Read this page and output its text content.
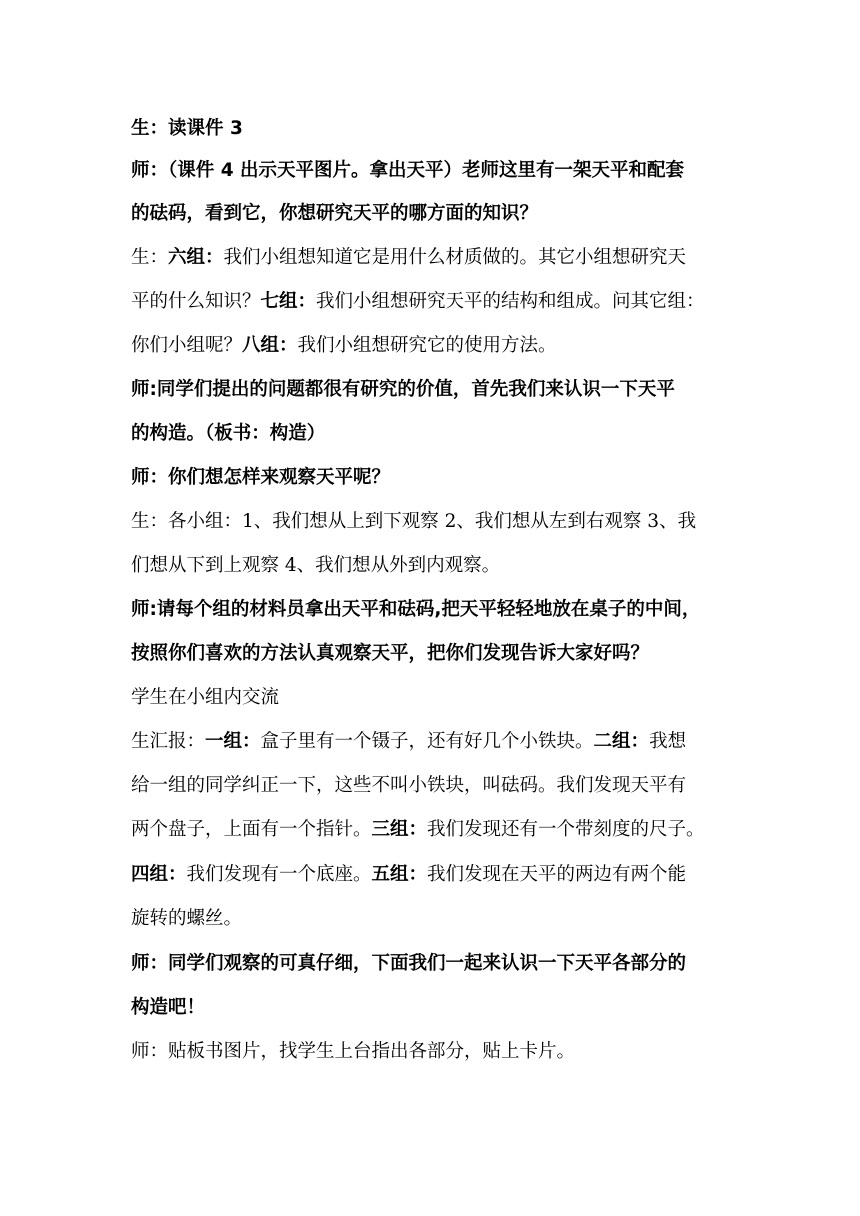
生：读课件 3
师：（课件 4 出示天平图片。拿出天平）老师这里有一架天平和配套
的砝码，看到它，你想研究天平的哪方面的知识？
生：六组：我们小组想知道它是用什么材质做的。其它小组想研究天
平的什么知识？七组：我们小组想研究天平的结构和组成。问其它组：
你们小组呢？八组：我们小组想研究它的使用方法。
师:同学们提出的问题都很有研究的价值，首先我们来认识一下天平
的构造。（板书：构造）
师：你们想怎样来观察天平呢？
生：各小组：1、我们想从上到下观察 2、我们想从左到右观察 3、我
们想从下到上观察 4、我们想从外到内观察。
师:请每个组的材料员拿出天平和砝码,把天平轻轻地放在桌子的中间，
按照你们喜欢的方法认真观察天平，把你们发现告诉大家好吗？
学生在小组内交流
生汇报：一组：盒子里有一个镊子，还有好几个小铁块。二组：我想
给一组的同学纠正一下，这些不叫小铁块，叫砝码。我们发现天平有
两个盘子，上面有一个指针。三组：我们发现还有一个带刻度的尺子。
四组：我们发现有一个底座。五组：我们发现在天平的两边有两个能
旋转的螺丝。
师：同学们观察的可真仔细，下面我们一起来认识一下天平各部分的
构造吧！
师：贴板书图片，找学生上台指出各部分，贴上卡片。
